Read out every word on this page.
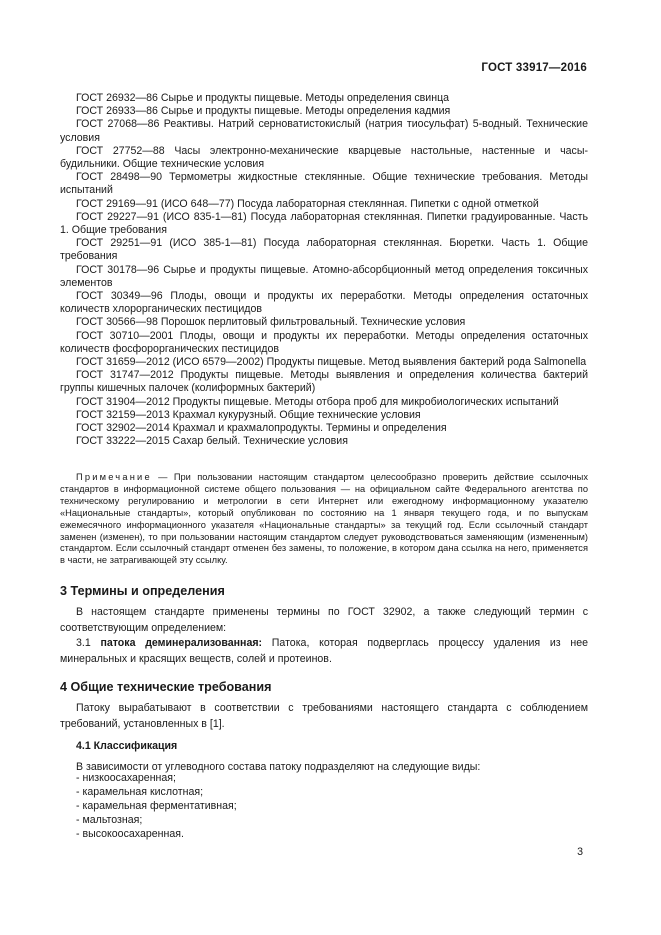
ГОСТ 33917—2016

ГОСТ 26932—86 Сырье и продукты пищевые. Методы определения свинца

ГОСТ 26933—86 Сырье и продукты пищевые. Методы определения кадмия

ГОСТ 27068—86 Реактивы. Натрий серноватистокислый (натрия тиосульфат) 5-водный. Технические условия

ГОСТ 27752—88 Часы электронно-механические кварцевые настольные, настенные и часы-будильники. Общие технические условия

ГОСТ 28498—90 Термометры жидкостные стеклянные. Общие технические требования. Методы испытаний

ГОСТ 29169—91 (ИСО 648—77) Посуда лабораторная стеклянная. Пипетки с одной отметкой

ГОСТ 29227—91 (ИСО 835-1—81) Посуда лабораторная стеклянная. Пипетки градуированные. Часть 1. Общие требования

ГОСТ 29251—91 (ИСО 385-1—81) Посуда лабораторная стеклянная. Бюретки. Часть 1. Общие требования

ГОСТ 30178—96 Сырье и продукты пищевые. Атомно-абсорбционный метод определения токсичных элементов

ГОСТ 30349—96 Плоды, овощи и продукты их переработки. Методы определения остаточных количеств хлорорганических пестицидов

ГОСТ 30566—98 Порошок перлитовый фильтровальный. Технические условия

ГОСТ 30710—2001 Плоды, овощи и продукты их переработки. Методы определения остаточных количеств фосфорорганических пестицидов

ГОСТ 31659—2012 (ИСО 6579—2002) Продукты пищевые. Метод выявления бактерий рода Salmonella

ГОСТ 31747—2012 Продукты пищевые. Методы выявления и определения количества бактерий группы кишечных палочек (колиформных бактерий)

ГОСТ 31904—2012 Продукты пищевые. Методы отбора проб для микробиологических испытаний

ГОСТ 32159—2013 Крахмал кукурузный. Общие технические условия

ГОСТ 32902—2014 Крахмал и крахмалопродукты. Термины и определения

ГОСТ 33222—2015 Сахар белый. Технические условия

Примечание — При пользовании настоящим стандартом целесообразно проверить действие ссылочных стандартов в информационной системе общего пользования — на официальном сайте Федерального агентства по техническому регулированию и метрологии в сети Интернет или ежегодному информационному указателю «Национальные стандарты», который опубликован по состоянию на 1 января текущего года, и по выпускам ежемесячного информационного указателя «Национальные стандарты» за текущий год. Если ссылочный стандарт заменен (изменен), то при пользовании настоящим стандартом следует руководствоваться заменяющим (измененным) стандартом. Если ссылочный стандарт отменен без замены, то положение, в котором дана ссылка на него, применяется в части, не затрагивающей эту ссылку.

3 Термины и определения

В настоящем стандарте применены термины по ГОСТ 32902, а также следующий термин с соответствующим определением:

3.1 патока деминерализованная: Патока, которая подверглась процессу удаления из нее минеральных и красящих веществ, солей и протеинов.

4 Общие технические требования

Патоку вырабатывают в соответствии с требованиями настоящего стандарта с соблюдением требований, установленных в [1].

4.1 Классификация

В зависимости от углеводного состава патоку подразделяют на следующие виды:

- низкоосахаренная;
- карамельная кислотная;
- карамельная ферментативная;
- мальтозная;
- высокоосахаренная.
3
